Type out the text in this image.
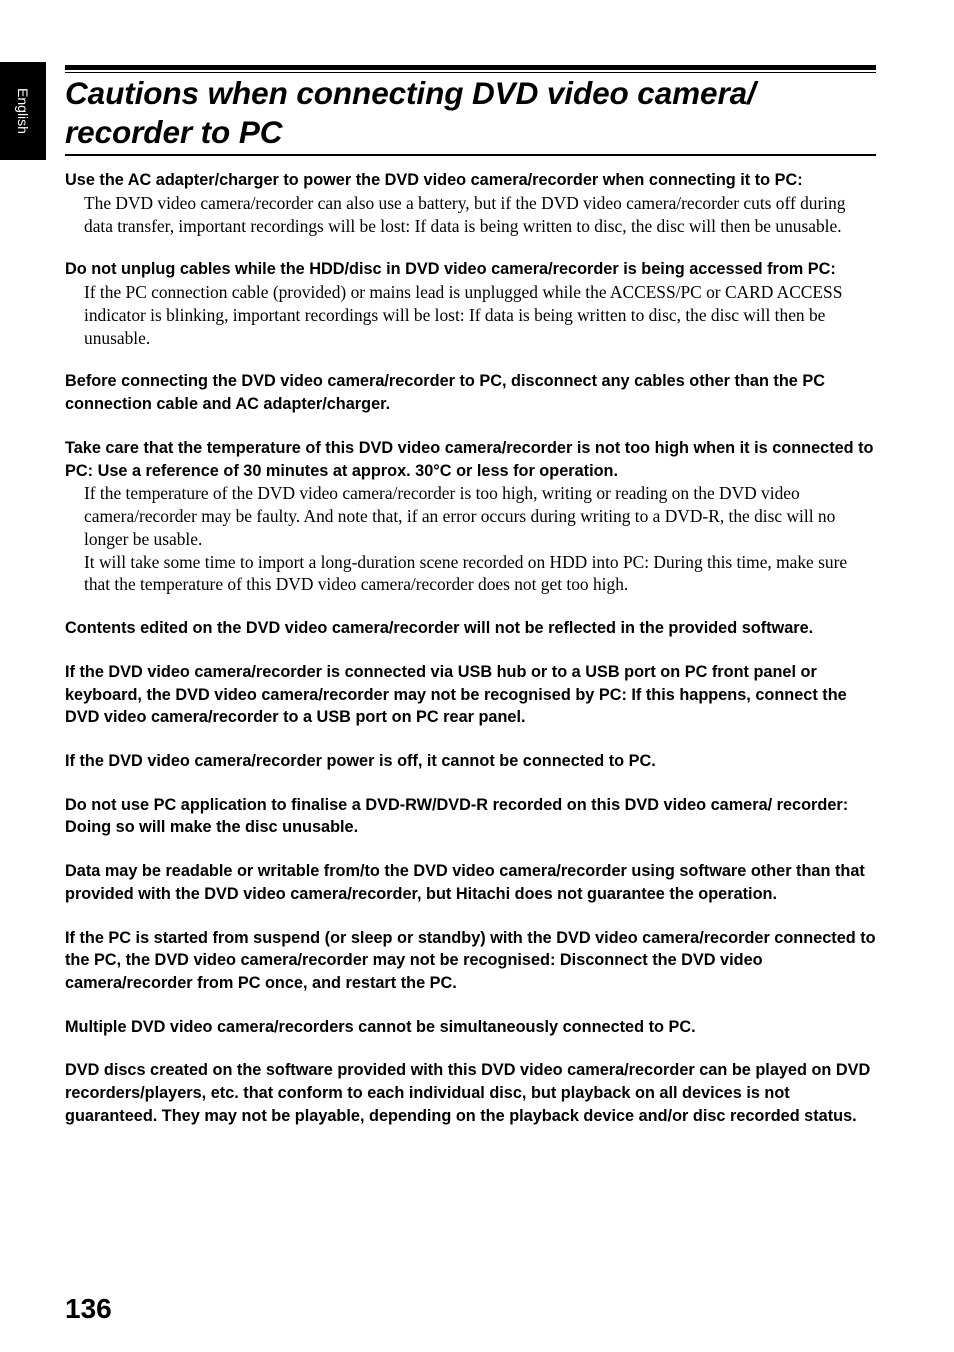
English Cautions when connecting DVD video camera/ recorder to PC

Use the AC adapter/charger to power the DVD video camera/recorder when connecting it to PC:

The DVD video camera/recorder can also use a battery, but if the DVD video camera/recorder cuts off during data transfer, important recordings will be lost: If data is being written to disc, the disc will then be unusable.

Do not unplug cables while the HDD/disc in DVD video camera/recorder is being accessed from PC:

If the PC connection cable (provided) or mains lead is unplugged while the ACCESS/PC or CARD ACCESS indicator is blinking, important recordings will be lost: If data is being written to disc, the disc will then be unusable.

Before connecting the DVD video camera/recorder to PC, disconnect any cables other than the PC connection cable and AC adapter/charger.

Take care that the temperature of this DVD video camera/recorder is not too high when it is connected to PC: Use a reference of 30 minutes at approx. 30°C or less for operation.

If the temperature of the DVD video camera/recorder is too high, writing or reading on the DVD video camera/recorder may be faulty. And note that, if an error occurs during writing to a DVD-R, the disc will no longer be usable.

It will take some time to import a long-duration scene recorded on HDD into PC: During this time, make sure that the temperature of this DVD video camera/recorder does not get too high.

Contents edited on the DVD video camera/recorder will not be reflected in the provided software.

If the DVD video camera/recorder is connected via USB hub or to a USB port on PC front panel or keyboard, the DVD video camera/recorder may not be recognised by PC: If this happens, connect the DVD video camera/recorder to a USB port on PC rear panel.

If the DVD video camera/recorder power is off, it cannot be connected to PC.

Do not use PC application to finalise a DVD-RW/DVD-R recorded on this DVD video camera/ recorder: Doing so will make the disc unusable.

Data may be readable or writable from/to the DVD video camera/recorder using software other than that provided with the DVD video camera/recorder, but Hitachi does not guarantee the operation.

If the PC is started from suspend (or sleep or standby) with the DVD video camera/recorder connected to the PC, the DVD video camera/recorder may not be recognised: Disconnect the DVD video camera/recorder from PC once, and restart the PC.

Multiple DVD video camera/recorders cannot be simultaneously connected to PC.

DVD discs created on the software provided with this DVD video camera/recorder can be played on DVD recorders/players, etc. that conform to each individual disc, but playback on all devices is not guaranteed. They may not be playable, depending on the playback device and/or disc recorded status.

136
